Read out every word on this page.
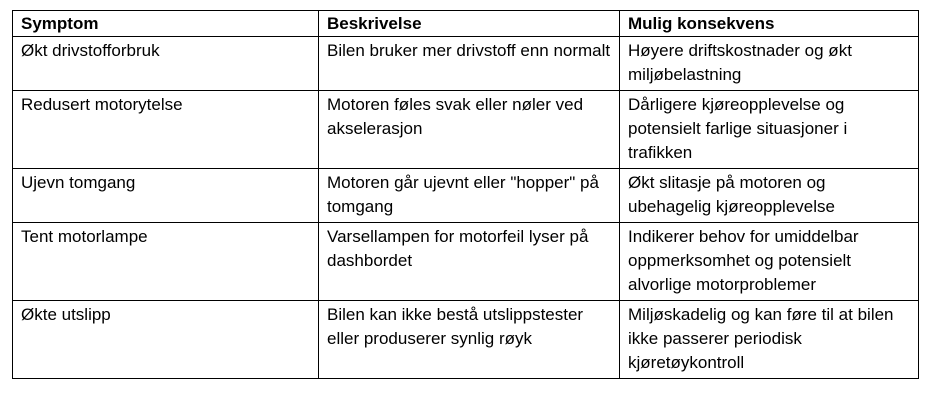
Symptom	Beskrivelse	Mulig konsekvens
Økt drivstofforbruk	Bilen bruker mer drivstoff enn normalt	Høyere driftskostnader og økt miljøbelastning
Redusert motorytelse	Motoren føles svak eller nøler ved akselerasjon	Dårligere kjøreopplevelse og potensielt farlige situasjoner i trafikken
Ujevn tomgang	Motoren går ujevnt eller "hopper" på tomgang	Økt slitasje på motoren og ubehagelig kjøreopplevelse
Tent motorlampe	Varsellampen for motorfeil lyser på dashbordet	Indikerer behov for umiddelbar oppmerksomhet og potensielt alvorlige motorproblemer
Økte utslipp	Bilen kan ikke bestå utslippstester eller produserer synlig røyk	Miljøskadelig og kan føre til at bilen ikke passerer periodisk kjøretøykontroll
